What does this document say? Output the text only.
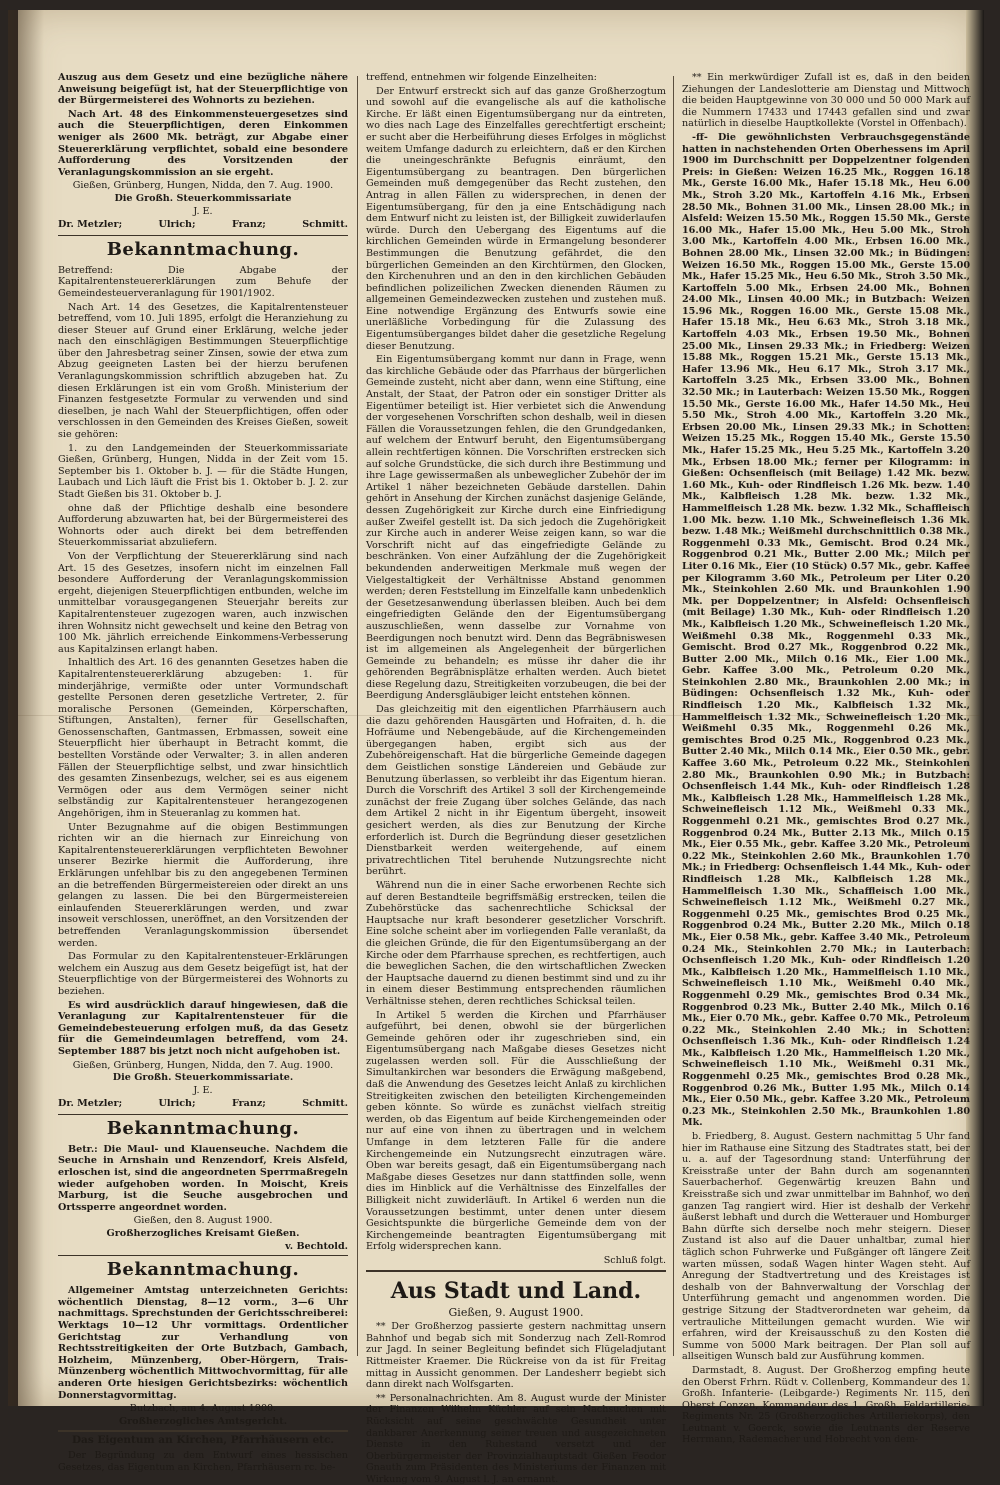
Auszug aus dem Gesetz und eine bezügliche nähere Anweisung beigefügt ist, hat der Steuerpflichtige von der Bürgermeisterei des Wohnorts zu beziehen.

Nach Art. 48 des Einkommensteuergesetzes sind auch die Steuerpflichtigen, deren Einkommen weniger als 2600 Mk. beträgt, zur Abgabe einer Steuererklärung verpflichtet, sobald eine besondere Aufforderung des Vorsitzenden der Veranlagungskommission an sie ergeht.

Gießen, Grünberg, Hungen, Nidda, den 7. Aug. 1900.

Die Großh. Steuerkommissariate

J. E.

Dr. Metzler;	Ulrich;	Franz;	Schmitt.
Bekanntmachung.

Betreffend: Die Abgabe der Kapitalrentensteuererklärungen zum Behufe der Gemeindesteuerveranlagung für 1901/1902.

Nach Art. 14 des Gesetzes, die Kapitalrentensteuer betreffend, vom 10. Juli 1895, erfolgt die Heranziehung zu dieser Steuer auf Grund einer Erklärung, welche jeder nach den einschlägigen Bestimmungen Steuerpflichtige über den Jahresbetrag seiner Zinsen, sowie der etwa zum Abzug geeigneten Lasten bei der hierzu berufenen Veranlagungskommission schriftlich abzugeben hat. Zu diesen Erklärungen ist ein vom Großh. Ministerium der Finanzen festgesetzte Formular zu verwenden und sind dieselben, je nach Wahl der Steuerpflichtigen, offen oder verschlossen in den Gemeinden des Kreises Gießen, soweit sie gehören:

1. zu den Landgemeinden der Steuerkommissariate Gießen, Grünberg, Hungen, Nidda in der Zeit vom 15. September bis 1. Oktober b. J. — für die Städte Hungen, Laubach und Lich läuft die Frist bis 1. Oktober b. J. 2. zur Stadt Gießen bis 31. Oktober b. J.

ohne daß der Pflichtige deshalb eine besondere Aufforderung abzuwarten hat, bei der Bürgermeisterei des Wohnorts oder auch direkt bei dem betreffenden Steuerkommissariat abzuliefern.

Von der Verpflichtung der Steuererklärung sind nach Art. 15 des Gesetzes, insofern nicht im einzelnen Fall besondere Aufforderung der Veranlagungskommission ergeht, diejenigen Steuerpflichtigen entbunden, welche im unmittelbar vorausgegangenen Steuerjahr bereits zur Kapitalrentensteuer zugezogen waren, auch inzwischen ihren Wohnsitz nicht gewechselt und keine den Betrag von 100 Mk. jährlich erreichende Einkommens-Verbesserung aus Kapitalzinsen erlangt haben.

Inhaltlich des Art. 16 des genannten Gesetzes haben die Kapitalrentensteuererklärung abzugeben: 1. für minderjährige, vermißte oder unter Vormundschaft gestellte Personen deren gesetzliche Vertreter, 2. für moralische Personen (Gemeinden, Körperschaften, Stiftungen, Anstalten), ferner für Gesellschaften, Genossenschaften, Gantmassen, Erbmassen, soweit eine Steuerpflicht hier überhaupt in Betracht kommt, die bestellten Vorstände oder Verwalter; 3. in allen anderen Fällen der Steuerpflichtige selbst, und zwar hinsichtlich des gesamten Zinsenbezugs, welcher, sei es aus eigenem Vermögen oder aus dem Vermögen seiner nicht selbständig zur Kapitalrentensteuer herangezogenen Angehörigen, ihm in Steueranlag zu kommen hat.

Unter Bezugnahme auf die obigen Bestimmungen richten wir an die hiernach zur Einreichung von Kapitalrentensteuererklärungen verpflichteten Bewohner unserer Bezirke hiermit die Aufforderung, ihre Erklärungen unfehlbar bis zu den angegebenen Terminen an die betreffenden Bürgermeistereien oder direkt an uns gelangen zu lassen. Die bei den Bürgermeistereien einlaufenden Steuererklärungen werden, und zwar insoweit verschlossen, uneröffnet, an den Vorsitzenden der betreffenden Veranlagungskommission übersendet werden.

Das Formular zu den Kapitalrentensteuer-Erklärungen welchem ein Auszug aus dem Gesetz beigefügt ist, hat der Steuerpflichtige von der Bürgermeisterei des Wohnorts zu beziehen.

Es wird ausdrücklich darauf hingewiesen, daß die Veranlagung zur Kapitalrentensteuer für die Gemeindebesteuerung erfolgen muß, da das Gesetz für die Gemeindeumlagen betreffend, vom 24. September 1887 bis jetzt noch nicht aufgehoben ist.

Gießen, Grünberg, Hungen, Nidda, den 7. Aug. 1900.

Die Großh. Steuerkommissariate.

J. E.

Dr. Metzler;	Ulrich;	Franz;	Schmitt.
Bekanntmachung.

Betr.: Die Maul- und Klauenseuche. Nachdem die Seuche in Arnshain und Renzendorf, Kreis Alsfeld, erloschen ist, sind die angeordneten Sperrmaßregeln wieder aufgehoben worden. In Moischt, Kreis Marburg, ist die Seuche ausgebrochen und Ortssperre angeordnet worden.

Gießen, den 8. August 1900.

Großherzogliches Kreisamt Gießen.

v. Bechtold.

Bekanntmachung.

Allgemeiner Amtstag unterzeichneten Gerichts: wöchentlich Dienstag, 8—12 vorm., 3—6 Uhr nachmittags. Sprechstunden der Gerichtsschreiberei: Werktags 10—12 Uhr vormittags. Ordentlicher Gerichtstag zur Verhandlung von Rechtsstreitigkeiten der Orte Butzbach, Gambach, Holzheim, Münzenberg, Ober-Hörgern, Trais-Münzenberg wöchentlich Mittwochvormittag, für alle anderen Orte hiesigen Gerichtsbezirks: wöchentlich Donnerstagvormittag.

Butzbach, am 4. August 1900.

Großherzogliches Amtsgericht.

Das Eigentum an Kirchen, Pfarrhäusern etc.

Der Begründung zu dem Entwurf eines hessischen Gesetzes, das Eigentum an Kirchen, Pfarrhäusern rc. be-

treffend, entnehmen wir folgende Einzelheiten:

Der Entwurf erstreckt sich auf das ganze Großherzogtum und sowohl auf die evangelische als auf die katholische Kirche. Er läßt einen Eigentumsübergang nur da eintreten, wo dies nach Lage des Einzelfalles gerechtfertigt erscheint; er sucht aber die Herbeiführung dieses Erfolges in möglichst weitem Umfange dadurch zu erleichtern, daß er den Kirchen die uneingeschränkte Befugnis einräumt, den Eigentumsübergang zu beantragen. Den bürgerlichen Gemeinden muß demgegenüber das Recht zustehen, den Antrag in allen Fällen zu widersprechen, in denen der Eigentumsübergang, für den ja eine Entschädigung nach dem Entwurf nicht zu leisten ist, der Billigkeit zuwiderlaufen würde. Durch den Uebergang des Eigentums auf die kirchlichen Gemeinden würde in Ermangelung besonderer Bestimmungen die Benutzung gefährdet, die den bürgerlichen Gemeinden an den Kirchtürmen, den Glocken, den Kirchenuhren und an den in den kirchlichen Gebäuden befindlichen polizeilichen Zwecken dienenden Räumen zu allgemeinen Gemeindezwecken zustehen und zustehen muß. Eine notwendige Ergänzung des Entwurfs sowie eine unerläßliche Vorbedingung für die Zulassung des Eigentumsüberganges bildet daher die gesetzliche Regelung dieser Benutzung.

Ein Eigentumsübergang kommt nur dann in Frage, wenn das kirchliche Gebäude oder das Pfarrhaus der bürgerlichen Gemeinde zusteht, nicht aber dann, wenn eine Stiftung, eine Anstalt, der Staat, der Patron oder ein sonstiger Dritter als Eigentümer beteiligt ist. Hier verbietet sich die Anwendung der vorgesehenen Vorschriften schon deshalb, weil in diesen Fällen die Voraussetzungen fehlen, die den Grundgedanken, auf welchem der Entwurf beruht, den Eigentumsübergang allein rechtfertigen können. Die Vorschriften erstrecken sich auf solche Grundstücke, die sich durch ihre Bestimmung und ihre Lage gewissermaßen als unbeweglicher Zubehör der im Artikel 1 näher bezeichneten Gebäude darstellen. Dahin gehört in Ansehung der Kirchen zunächst dasjenige Gelände, dessen Zugehörigkeit zur Kirche durch eine Einfriedigung außer Zweifel gestellt ist. Da sich jedoch die Zugehörigkeit zur Kirche auch in anderer Weise zeigen kann, so war die Vorschrift nicht auf das eingefriedigte Gelände zu beschränken. Von einer Aufzählung der die Zugehörigkeit bekundenden anderweitigen Merkmale muß wegen der Vielgestaltigkeit der Verhältnisse Abstand genommen werden; deren Feststellung im Einzelfalle kann unbedenklich der Gesetzesanwendung überlassen bleiben. Auch bei dem eingefriedigten Gelände den der Eigentumsübergang auszuschließen, wenn dasselbe zur Vornahme von Beerdigungen noch benutzt wird. Denn das Begräbniswesen ist im allgemeinen als Angelegenheit der bürgerlichen Gemeinde zu behandeln; es müsse ihr daher die ihr gehörenden Begräbnisplätze erhalten werden. Auch bietet diese Regelung dazu, Streitigkeiten vorzubeugen, die bei der Beerdigung Andersgläubiger leicht entstehen können.

Das gleichzeitig mit den eigentlichen Pfarrhäusern auch die dazu gehörenden Hausgärten und Hofraiten, d. h. die Hofräume und Nebengebäude, auf die Kirchengemeinden übergegangen haben, ergibt sich aus der Zubehöreigenschaft. Hat die bürgerliche Gemeinde dagegen dem Geistlichen sonstige Ländereien und Gebäude zur Benutzung überlassen, so verbleibt ihr das Eigentum hieran. Durch die Vorschrift des Artikel 3 soll der Kirchengemeinde zunächst der freie Zugang über solches Gelände, das nach dem Artikel 2 nicht in ihr Eigentum übergeht, insoweit gesichert werden, als dies zur Benutzung der Kirche erforderlich ist. Durch die Begründung dieser gesetzlichen Dienstbarkeit werden weitergehende, auf einem privatrechtlichen Titel beruhende Nutzungsrechte nicht berührt.

Während nun die in einer Sache erworbenen Rechte sich auf deren Bestandteile begriffsmäßig erstrecken, teilen die Zubehörstücke das sachenrechtliche Schicksal der Hauptsache nur kraft besonderer gesetzlicher Vorschrift. Eine solche scheint aber im vorliegenden Falle veranlaßt, da die gleichen Gründe, die für den Eigentumsübergang an der Kirche oder dem Pfarrhause sprechen, es rechtfertigen, auch die beweglichen Sachen, die den wirtschaftlichen Zwecken der Hauptsache dauernd zu dienen bestimmt sind und zu ihr in einem dieser Bestimmung entsprechenden räumlichen Verhältnisse stehen, deren rechtliches Schicksal teilen.

In Artikel 5 werden die Kirchen und Pfarrhäuser aufgeführt, bei denen, obwohl sie der bürgerlichen Gemeinde gehören oder ihr zugeschrieben sind, ein Eigentumsübergang nach Maßgabe dieses Gesetzes nicht zugelassen werden soll. Für die Ausschließung der Simultankirchen war besonders die Erwägung maßgebend, daß die Anwendung des Gesetzes leicht Anlaß zu kirchlichen Streitigkeiten zwischen den beteiligten Kirchengemeinden geben könnte. So würde es zunächst vielfach streitig werden, ob das Eigentum auf beide Kirchengemeinden oder nur auf eine von ihnen zu übertragen und in welchem Umfange in dem letzteren Falle für die andere Kirchengemeinde ein Nutzungsrecht einzutragen wäre. Oben war bereits gesagt, daß ein Eigentumsübergang nach Maßgabe dieses Gesetzes nur dann stattfinden solle, wenn dies im Hinblick auf die Verhältnisse des Einzelfalles der Billigkeit nicht zuwiderläuft. In Artikel 6 werden nun die Voraussetzungen bestimmt, unter denen unter diesem Gesichtspunkte die bürgerliche Gemeinde dem von der Kirchengemeinde beantragten Eigentumsübergang mit Erfolg widersprechen kann.

Schluß folgt.

Aus Stadt und Land.
Gießen, 9. August 1900.

** Der Großherzog passierte gestern nachmittag unsern Bahnhof und begab sich mit Sonderzug nach Zell-Romrod zur Jagd. In seiner Begleitung befindet sich Flügeladjutant Rittmeister Kraemer. Die Rückreise von da ist für Freitag mittag in Aussicht genommen. Der Landesherr begiebt sich dann direkt nach Wolfsgarten.

** Personalnachrichten. Am 8. August wurde der Minister der Finanzen Wilhelm Küchler auf sein Nachsuchen mit Rücksicht auf seine geschwächte Gesundheit unter dankbarer Anerkennung seiner treuen und ausgezeichneten Dienste in den Ruhestand versetzt und der Oberbürgermeister der Provinzialhauptstadt Gießen Feodor Gnauth zum Präsidenten des Ministeriums der Finanzen mit Wirkung vom 9. August l. J. an ernannt.

** Ein merkwürdiger Zufall ist es, daß in den beiden Ziehungen der Landeslotterie am Dienstag und Mittwoch die beiden Hauptgewinne von 30 000 und 50 000 Mark auf die Nummern 17433 und 17443 gefallen sind und zwar natürlich in dieselbe Hauptkollekte (Vorstel in Offenbach).

-ff- Die gewöhnlichsten Verbrauchsgegenstände hatten in nachstehenden Orten Oberhessens im April 1900 im Durchschnitt per Doppelzentner folgenden Preis: in Gießen: Weizen 16.25 Mk., Roggen 16.18 Mk., Gerste 16.00 Mk., Hafer 15.18 Mk., Heu 6.00 Mk., Stroh 3.20 Mk., Kartoffeln 4.16 Mk., Erbsen 28.50 Mk., Bohnen 31.00 Mk., Linsen 28.00 Mk.; in Alsfeld: Weizen 15.50 Mk., Roggen 15.50 Mk., Gerste 16.00 Mk., Hafer 15.00 Mk., Heu 5.00 Mk., Stroh 3.00 Mk., Kartoffeln 4.00 Mk., Erbsen 16.00 Mk., Bohnen 28.00 Mk., Linsen 32.00 Mk.; in Büdingen: Weizen 16.50 Mk., Roggen 15.00 Mk., Gerste 15.00 Mk., Hafer 15.25 Mk., Heu 6.50 Mk., Stroh 3.50 Mk., Kartoffeln 5.00 Mk., Erbsen 24.00 Mk., Bohnen 24.00 Mk., Linsen 40.00 Mk.; in Butzbach: Weizen 15.96 Mk., Roggen 16.00 Mk., Gerste 15.08 Mk., Hafer 15.18 Mk., Heu 6.63 Mk., Stroh 3.18 Mk., Kartoffeln 4.03 Mk., Erbsen 19.50 Mk., Bohnen 25.00 Mk., Linsen 29.33 Mk.; in Friedberg: Weizen 15.88 Mk., Roggen 15.21 Mk., Gerste 15.13 Mk., Hafer 13.96 Mk., Heu 6.17 Mk., Stroh 3.17 Mk., Kartoffeln 3.25 Mk., Erbsen 33.00 Mk., Bohnen 32.50 Mk.; in Lauterbach: Weizen 15.50 Mk., Roggen 15.50 Mk., Gerste 16.00 Mk., Hafer 14.50 Mk., Heu 5.50 Mk., Stroh 4.00 Mk., Kartoffeln 3.20 Mk., Erbsen 20.00 Mk., Linsen 29.33 Mk.; in Schotten: Weizen 15.25 Mk., Roggen 15.40 Mk., Gerste 15.50 Mk., Hafer 15.25 Mk., Heu 5.25 Mk., Kartoffeln 3.20 Mk., Erbsen 18.00 Mk.; ferner per Kilogramm: in Gießen: Ochsenfleisch (mit Beilage) 1.42 Mk. bezw. 1.60 Mk., Kuh- oder Rindfleisch 1.26 Mk. bezw. 1.40 Mk., Kalbfleisch 1.28 Mk. bezw. 1.32 Mk., Hammelfleisch 1.28 Mk. bezw. 1.32 Mk., Schaffleisch 1.00 Mk. bezw. 1.10 Mk., Schweinefleisch 1.36 Mk. bezw. 1.48 Mk.; Weißmehl durchschnittlich 0.38 Mk., Roggenmehl 0.33 Mk., Gemischt. Brod 0.24 Mk., Roggenbrod 0.21 Mk., Butter 2.00 Mk.; Milch per Liter 0.16 Mk., Eier (10 Stück) 0.57 Mk., gebr. Kaffee per Kilogramm 3.60 Mk., Petroleum per Liter 0.20 Mk., Steinkohlen 2.60 Mk. und Braunkohlen 1.90 Mk. per Doppelzentner; in Alsfeld: Ochsenfleisch (mit Beilage) 1.30 Mk., Kuh- oder Rindfleisch 1.20 Mk., Kalbfleisch 1.20 Mk., Schweinefleisch 1.20 Mk., Weißmehl 0.38 Mk., Roggenmehl 0.33 Mk., Gemischt. Brod 0.27 Mk., Roggenbrod 0.22 Mk., Butter 2.00 Mk., Milch 0.16 Mk., Eier 1.00 Mk., Gebr. Kaffee 3.00 Mk., Petroleum 0.20 Mk., Steinkohlen 2.80 Mk., Braunkohlen 2.00 Mk.; in Büdingen: Ochsenfleisch 1.32 Mk., Kuh- oder Rindfleisch 1.20 Mk., Kalbfleisch 1.32 Mk., Hammelfleisch 1.32 Mk., Schweinefleisch 1.20 Mk., Weißmehl 0.35 Mk., Roggenmehl 0.26 Mk., gemischtes Brod 0.25 Mk., Roggenbrod 0.23 Mk., Butter 2.40 Mk., Milch 0.14 Mk., Eier 0.50 Mk., gebr. Kaffee 3.60 Mk., Petroleum 0.22 Mk., Steinkohlen 2.80 Mk., Braunkohlen 0.90 Mk.; in Butzbach: Ochsenfleisch 1.44 Mk., Kuh- oder Rindfleisch 1.28 Mk., Kalbfleisch 1.28 Mk., Hammelfleisch 1.28 Mk., Schweinefleisch 1.12 Mk., Weißmehl 0.33 Mk., Roggenmehl 0.21 Mk., gemischtes Brod 0.27 Mk., Roggenbrod 0.24 Mk., Butter 2.13 Mk., Milch 0.15 Mk., Eier 0.55 Mk., gebr. Kaffee 3.20 Mk., Petroleum 0.22 Mk., Steinkohlen 2.60 Mk., Braunkohlen 1.70 Mk.; in Friedberg: Ochsenfleisch 1.44 Mk., Kuh- oder Rindfleisch 1.28 Mk., Kalbfleisch 1.28 Mk., Hammelfleisch 1.30 Mk., Schaffleisch 1.00 Mk., Schweinefleisch 1.12 Mk., Weißmehl 0.27 Mk., Roggenmehl 0.25 Mk., gemischtes Brod 0.25 Mk., Roggenbrod 0.24 Mk., Butter 2.20 Mk., Milch 0.18 Mk., Eier 0.58 Mk., gebr. Kaffee 3.40 Mk., Petroleum 0.24 Mk., Steinkohlen 2.70 Mk.; in Lauterbach: Ochsenfleisch 1.20 Mk., Kuh- oder Rindfleisch 1.20 Mk., Kalbfleisch 1.20 Mk., Hammelfleisch 1.10 Mk., Schweinefleisch 1.10 Mk., Weißmehl 0.40 Mk., Roggenmehl 0.29 Mk., gemischtes Brod 0.34 Mk., Roggenbrod 0.23 Mk., Butter 2.40 Mk., Milch 0.16 Mk., Eier 0.70 Mk., gebr. Kaffee 0.70 Mk., Petroleum 0.22 Mk., Steinkohlen 2.40 Mk.; in Schotten: Ochsenfleisch 1.36 Mk., Kuh- oder Rindfleisch 1.24 Mk., Kalbfleisch 1.20 Mk., Hammelfleisch 1.20 Mk., Schweinefleisch 1.10 Mk., Weißmehl 0.31 Mk., Roggenmehl 0.25 Mk., gemischtes Brod 0.28 Mk., Roggenbrod 0.26 Mk., Butter 1.95 Mk., Milch 0.14 Mk., Eier 0.50 Mk., gebr. Kaffee 3.20 Mk., Petroleum 0.23 Mk., Steinkohlen 2.50 Mk., Braunkohlen 1.80 Mk.

b. Friedberg, 8. August. Gestern nachmittag 5 Uhr fand hier im Rathause eine Sitzung des Stadtrates statt, bei der u. a. auf der Tagesordnung stand: Unterführung der Kreisstraße unter der Bahn durch am sogenannten Sauerbacherhof. Gegenwärtig kreuzen Bahn und Kreisstraße sich und zwar unmittelbar im Bahnhof, wo den ganzen Tag rangiert wird. Hier ist deshalb der Verkehr äußerst lebhaft und durch die Wetterauer und Homburger Bahn dürfte sich derselbe noch mehr steigern. Dieser Zustand ist also auf die Dauer unhaltbar, zumal hier täglich schon Fuhrwerke und Fußgänger oft längere Zeit warten müssen, sodaß Wagen hinter Wagen steht. Auf Anregung der Stadtvertretung und des Kreistages ist deshalb von der Bahnverwaltung der Vorschlag der Unterführung gemacht und angenommen worden. Die gestrige Sitzung der Stadtverordneten war geheim, da vertrauliche Mitteilungen gemacht wurden. Wie wir erfahren, wird der Kreisausschuß zu den Kosten die Summe von 5000 Mark beitragen. Der Plan soll auf allseitigen Wunsch bald zur Ausführung kommen.

Darmstadt, 8. August. Der Großherzog empfing heute den Oberst Frhrn. Rüdt v. Collenberg, Kommandeur des 1. Großh. Infanterie- (Leibgarde-) Regiments Nr. 115, den Oberst Conzen, Kommandeur des 1. Großh. Feldartillerie-Regiments Nr. 25 (Großherzogliches Artilleriekorps), den Leutnant v. Goerck, sowie die Leutnants der Reserve Herrmann, Rademacher und Hobrecht von dem-
